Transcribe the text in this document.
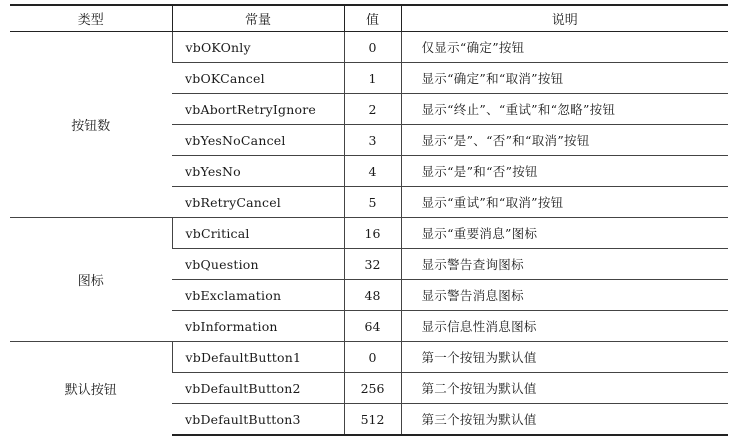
类型	常量	值	说明
按钮数	vbOKOnly	0	仅显示“确定”按钮
	vbOKCancel	1	显示“确定”和“取消”按钮
	vbAbortRetryIgnore	2	显示“终止”、“重试”和“忽略”按钮
	vbYesNoCancel	3	显示“是”、“否”和“取消”按钮
	vbYesNo	4	显示“是”和“否”按钮
	vbRetryCancel	5	显示“重试”和“取消”按钮
图标	vbCritical	16	显示“重要消息”图标
	vbQuestion	32	显示警告查询图标
	vbExclamation	48	显示警告消息图标
	vbInformation	64	显示信息性消息图标
默认按钮	vbDefaultButton1	0	第一个按钮为默认值
	vbDefaultButton2	256	第二个按钮为默认值
	vbDefaultButton3	512	第三个按钮为默认值
